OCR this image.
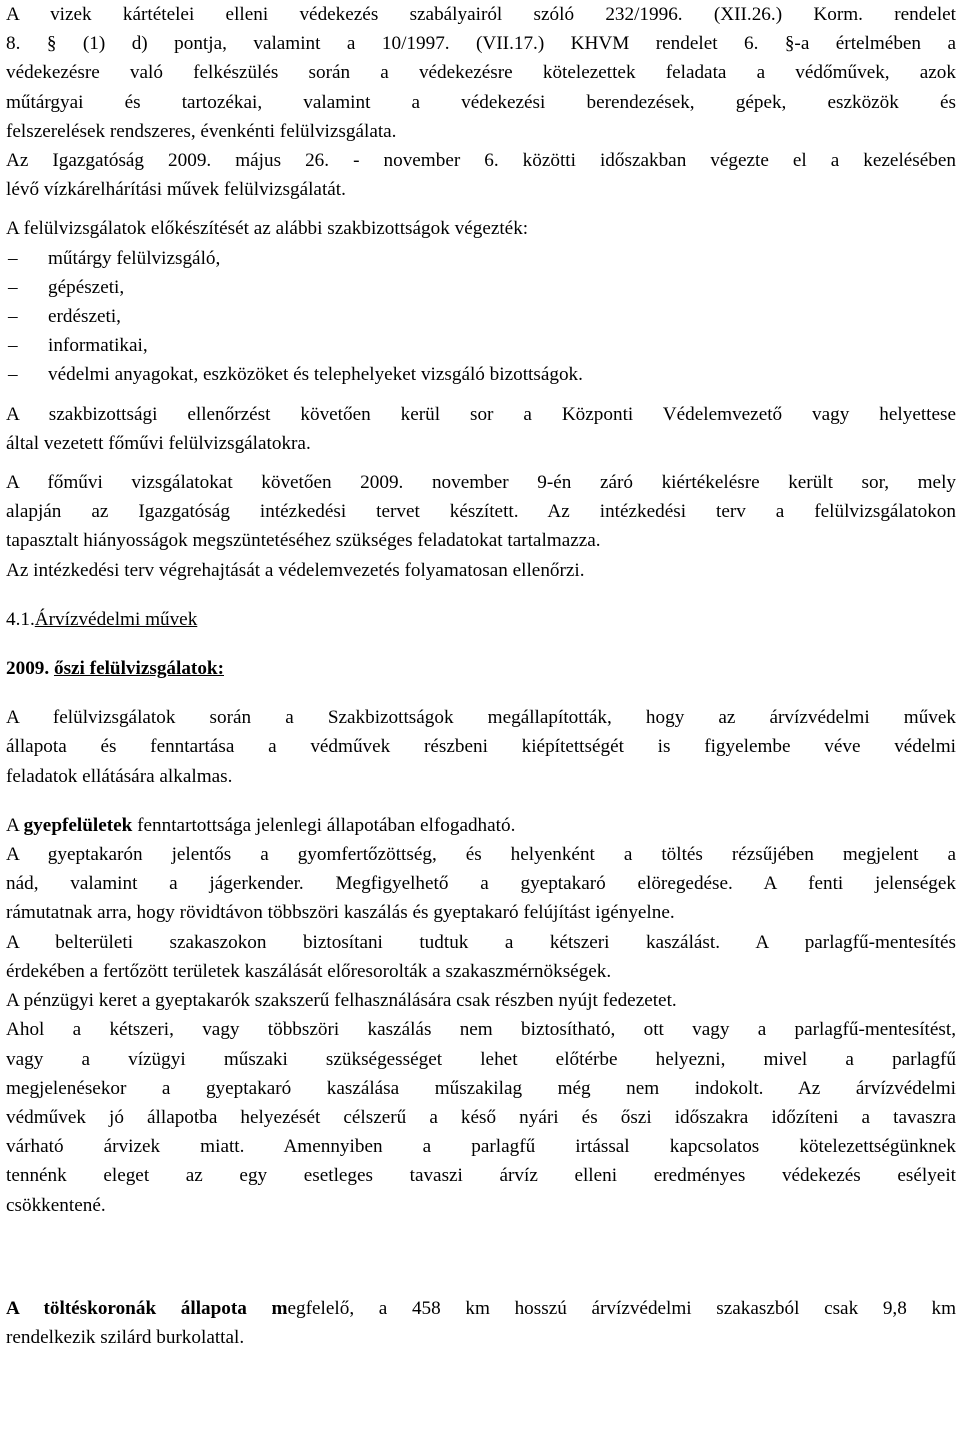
A vizek kártételei elleni védekezés szabályairól szóló 232/1996. (XII.26.) Korm. rendelet
8. § (1) d) pontja, valamint a 10/1997. (VII.17.) KHVM rendelet 6. §-a értelmében a
védekezésre való felkészülés során a védekezésre kötelezettek feladata a védőművek, azok
műtárgyai és tartozékai, valamint a védekezési berendezések, gépek, eszközök és
felszerelések rendszeres, évenkénti felülvizsgálata.
Az Igazgatóság 2009. május 26. - november 6. közötti időszakban végezte el a kezelésében
lévő vízkárelhárítási művek felülvizsgálatát.
A felülvizsgálatok előkészítését az alábbi szakbizottságok végezték:
– műtárgy felülvizsgáló,
– gépészeti,
– erdészeti,
– informatikai,
– védelmi anyagokat, eszközöket és telephelyeket vizsgáló bizottságok.
A szakbizottsági ellenőrzést követően kerül sor a Központi Védelemvezető vagy helyettese
által vezetett főművi felülvizsgálatokra.
A főművi vizsgálatokat követően 2009. november 9-én záró kiértékelésre került sor, mely
alapján az Igazgatóság intézkedési tervet készített. Az intézkedési terv a felülvizsgálatokon
tapasztalt hiányosságok megszüntetéséhez szükséges feladatokat tartalmazza.
Az intézkedési terv végrehajtását a védelemvezetés folyamatosan ellenőrzi.
4.1.Árvízvédelmi művek
2009. őszi felülvizsgálatok:
A felülvizsgálatok során a Szakbizottságok megállapították, hogy az árvízvédelmi művek
állapota és fenntartása a védművek részbeni kiépítettségét is figyelembe véve védelmi
feladatok ellátására alkalmas.
A gyepfelületek fenntartottsága jelenlegi állapotában elfogadható.
A gyeptakarón jelentős a gyomfertőzöttség, és helyenként a töltés rézsűjében megjelent a
nád, valamint a jágerkender. Megfigyelhető a gyeptakaró elöregedése. A fenti jelenségek
rámutatnak arra, hogy rövidtávon többszöri kaszálás és gyeptakaró felújítást igényelne.
A belterületi szakaszokon biztosítani tudtuk a kétszeri kaszálást. A parlagfű-mentesítés
érdekében a fertőzött területek kaszálását előresorolták a szakaszmérnökségek.
A pénzügyi keret a gyeptakarók szakszerű felhasználására csak részben nyújt fedezetet.
Ahol a kétszeri, vagy többszöri kaszálás nem biztosítható, ott vagy a parlagfű-mentesítést,
vagy a vízügyi műszaki szükségességet lehet előtérbe helyezni, mivel a parlagfű
megjelenésekor a gyeptakaró kaszálása műszakilag még nem indokolt. Az árvízvédelmi
védművek jó állapotba helyezését célszerű a késő nyári és őszi időszakra időzíteni a tavaszra
várható árvizek miatt. Amennyiben a parlagfű irtással kapcsolatos kötelezettségünknek
tennénk eleget az egy esetleges tavaszi árvíz elleni eredményes védekezés esélyeit
csökkentené.
A töltéskoronák állapota megfelelő, a 458 km hosszú árvízvédelmi szakaszból csak 9,8 km
rendelkezik szilárd burkolattal.
